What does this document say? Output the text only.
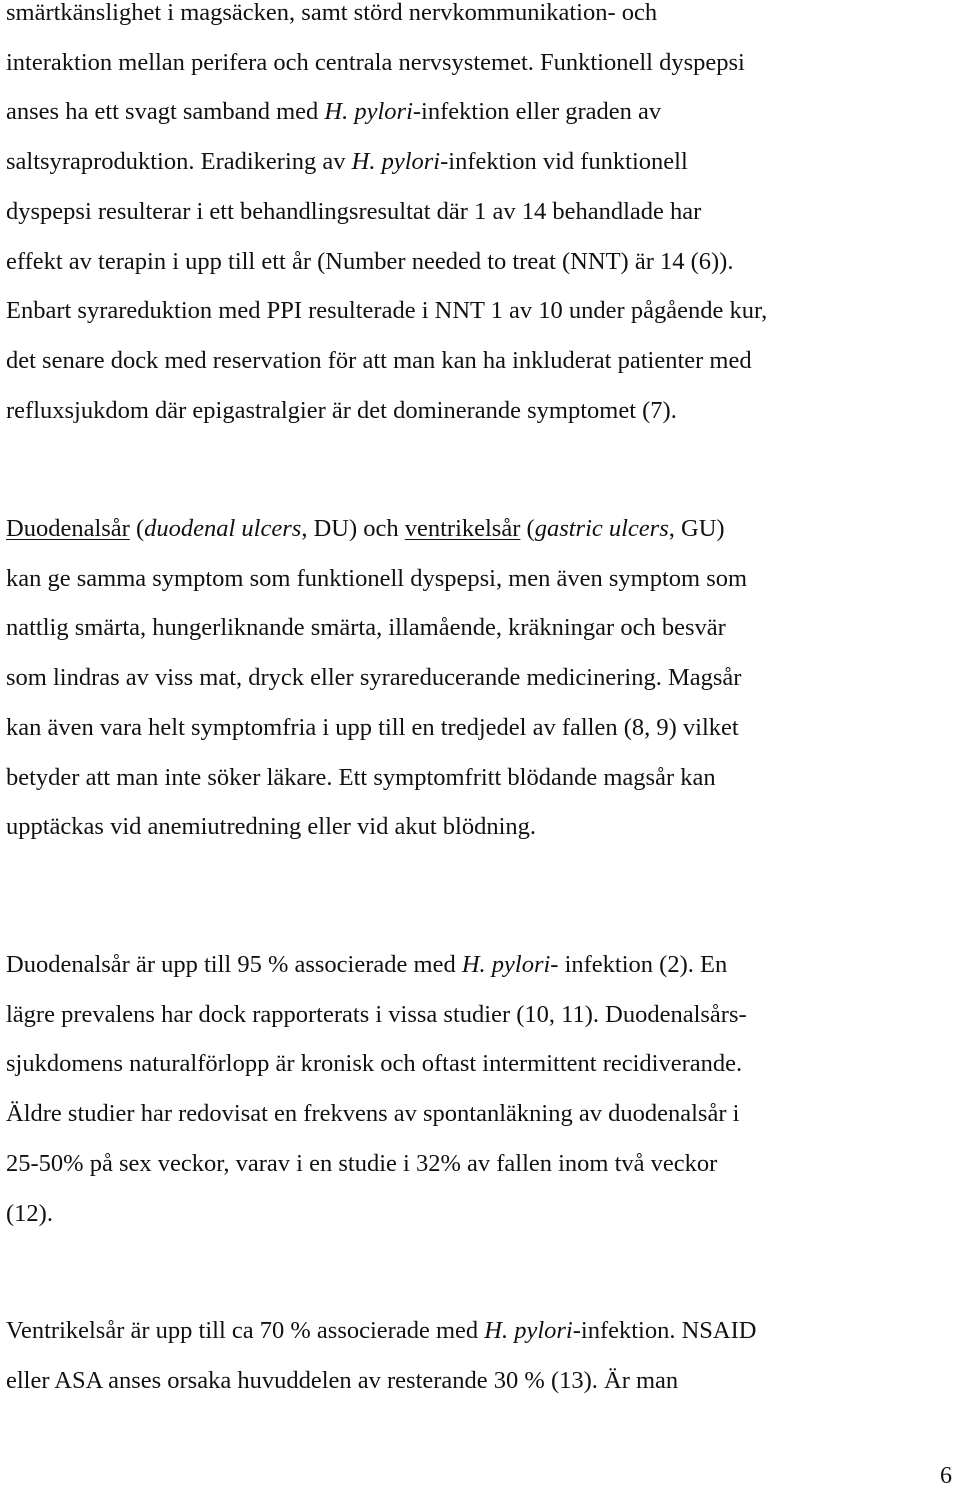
smärtkänslighet i magsäcken, samt störd nervkommunikation- och
interaktion mellan perifera och centrala nervsystemet. Funktionell dyspepsi
anses ha ett svagt samband med H. pylori-infektion eller graden av
saltsyraproduktion. Eradikering av H. pylori-infektion vid funktionell
dyspepsi resulterar i ett behandlingsresultat där 1 av 14 behandlade har
effekt av terapin i upp till ett år (Number needed to treat (NNT) är 14 (6)).
Enbart syrareduktion med PPI resulterade i NNT 1 av 10 under pågående kur,
det senare dock med reservation för att man kan ha inkluderat patienter med
refluxsjukdom där epigastralgier är det dominerande symptomet (7).

Duodenalsår (duodenal ulcers, DU) och ventrikelsår (gastric ulcers, GU)
kan ge samma symptom som funktionell dyspepsi, men även symptom som
nattlig smärta, hungerliknande smärta, illamående, kräkningar och besvär
som lindras av viss mat, dryck eller syrareducerande medicinering. Magsår
kan även vara helt symptomfria i upp till en tredjedel av fallen (8, 9) vilket
betyder att man inte söker läkare. Ett symptomfritt blödande magsår kan
upptäckas vid anemiutredning eller vid akut blödning.

Duodenalsår är upp till 95 % associerade med H. pylori- infektion (2). En
lägre prevalens har dock rapporterats i vissa studier (10, 11). Duodenalsårs-
sjukdomens naturalförlopp är kronisk och oftast intermittent recidiverande.
Äldre studier har redovisat en frekvens av spontanläkning av duodenalsår i
25-50% på sex veckor, varav i en studie i 32% av fallen inom två veckor
(12).

Ventrikelsår är upp till ca 70 % associerade med H. pylori-infektion. NSAID
eller ASA anses orsaka huvuddelen av resterande 30 % (13). Är man

6
